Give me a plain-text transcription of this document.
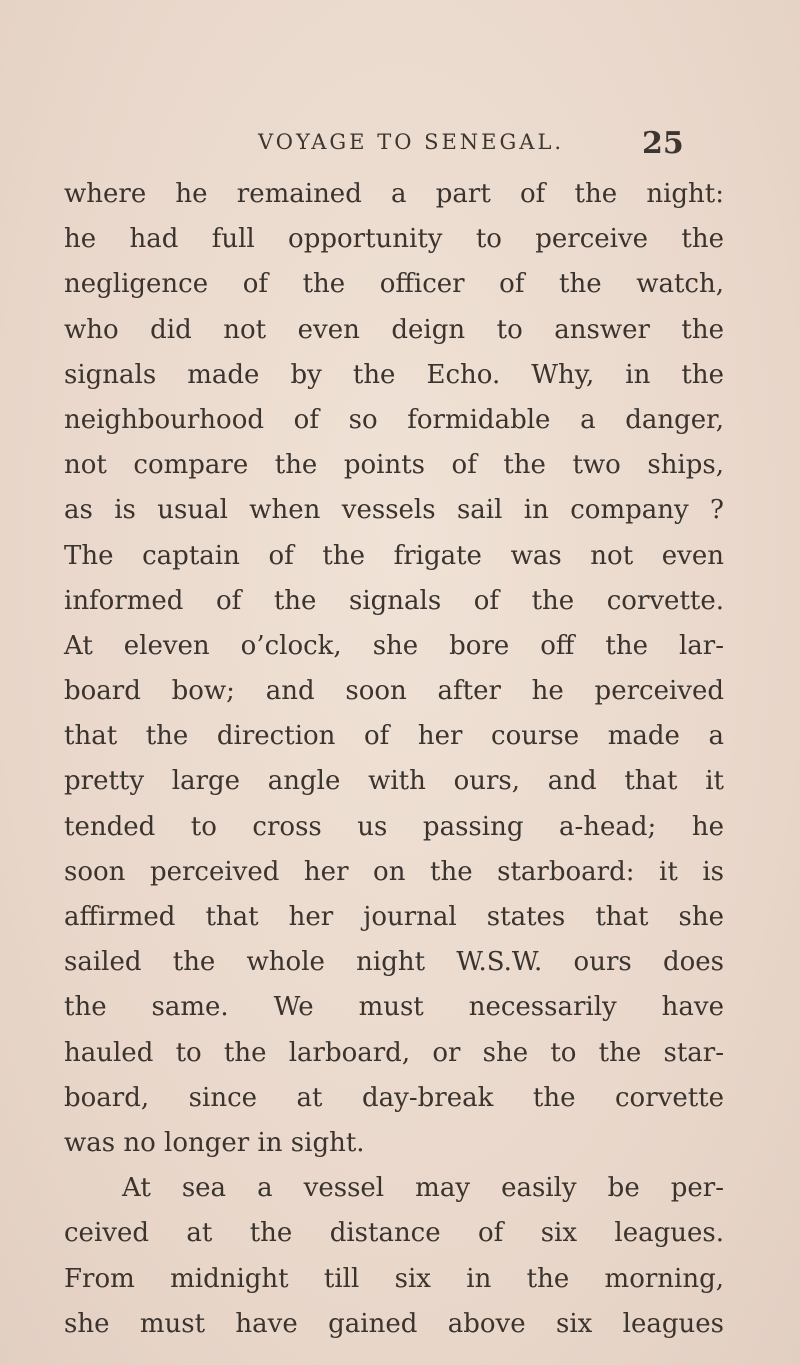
VOYAGE TO SENEGAL.	25
where he remained a part of the night:
he had full opportunity to perceive the
negligence of the officer of the watch,
who did not even deign to answer the
signals made by the Echo. Why, in the
neighbourhood of so formidable a danger,
not compare the points of the two ships,
as is usual when vessels sail in company ?
The captain of the frigate was not even
informed of the signals of the corvette.
At eleven o’clock, she bore off the lar-
board bow; and soon after he perceived
that the direction of her course made a
pretty large angle with ours, and that it
tended to cross us passing a-head; he
soon perceived her on the starboard: it is
affirmed that her journal states that she
sailed the whole night W.S.W. ours does
the same. We must necessarily have
hauled to the larboard, or she to the star-
board, since at day-break the corvette
was no longer in sight.
At sea a vessel may easily be per-
ceived at the distance of six leagues.
From midnight till six in the morning,
she must have gained above six leagues
